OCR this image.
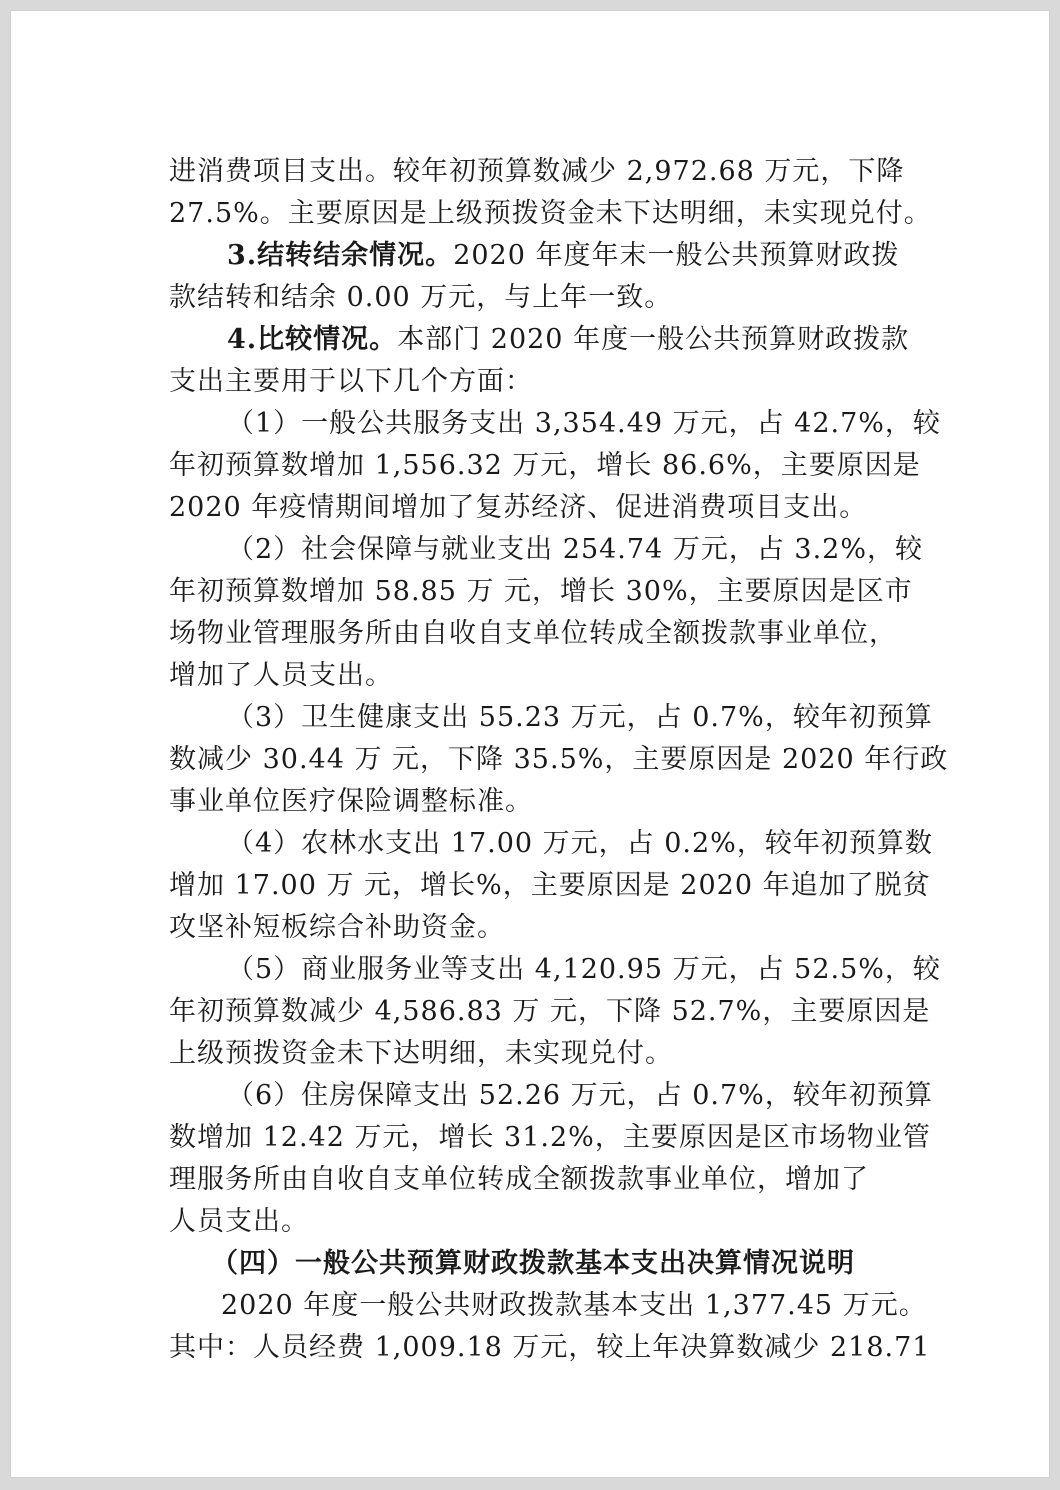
进消费项目支出。较年初预算数减少 2,972.68 万元，下降
27.5%。主要原因是上级预拨资金未下达明细，未实现兑付。
3.结转结余情况。2020 年度年末一般公共预算财政拨
款结转和结余 0.00 万元，与上年一致。
4.比较情况。本部门 2020 年度一般公共预算财政拨款
支出主要用于以下几个方面：
（1）一般公共服务支出 3,354.49 万元，占 42.7%，较
年初预算数增加 1,556.32 万元，增长 86.6%，主要原因是
2020 年疫情期间增加了复苏经济、促进消费项目支出。
（2）社会保障与就业支出 254.74 万元，占 3.2%，较
年初预算数增加 58.85 万 元，增长 30%，主要原因是区市
场物业管理服务所由自收自支单位转成全额拨款事业单位，
增加了人员支出。
（3）卫生健康支出 55.23 万元，占 0.7%，较年初预算
数减少 30.44 万 元，下降 35.5%，主要原因是 2020 年行政
事业单位医疗保险调整标准。
（4）农林水支出 17.00 万元，占 0.2%，较年初预算数
增加 17.00 万 元，增长%，主要原因是 2020 年追加了脱贫
攻坚补短板综合补助资金。
（5）商业服务业等支出 4,120.95 万元，占 52.5%，较
年初预算数减少 4,586.83 万 元，下降 52.7%，主要原因是
上级预拨资金未下达明细，未实现兑付。
（6）住房保障支出 52.26 万元，占 0.7%，较年初预算
数增加 12.42 万元，增长 31.2%，主要原因是区市场物业管
理服务所由自收自支单位转成全额拨款事业单位，增加了
人员支出。
（四）一般公共预算财政拨款基本支出决算情况说明
2020 年度一般公共财政拨款基本支出 1,377.45 万元。
其中：人员经费 1,009.18 万元，较上年决算数减少 218.71
